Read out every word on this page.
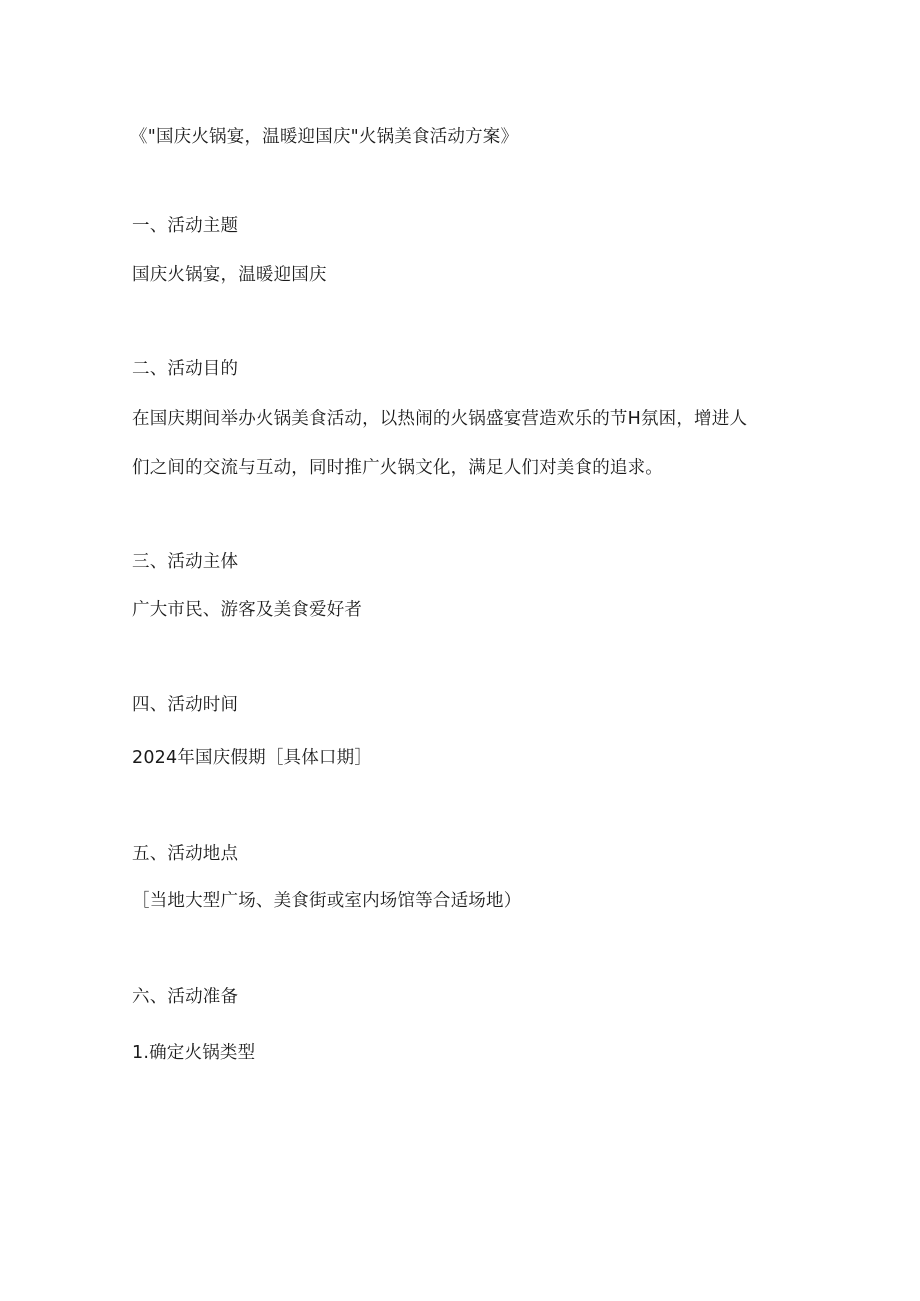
《"国庆火锅宴，温暖迎国庆"火锅美食活动方案》
一、活动主题
国庆火锅宴，温暖迎国庆
二、活动目的
在国庆期间举办火锅美食活动，以热闹的火锅盛宴营造欢乐的节H氛困，增进人
们之间的交流与互动，同时推广火锅文化，满足人们对美食的追求。
三、活动主体
广大市民、游客及美食爱好者
四、活动时间
2024年国庆假期［具体口期］
五、活动地点
［当地大型广场、美食街或室内场馆等合适场地）
六、活动准备
1.确定火锅类型
